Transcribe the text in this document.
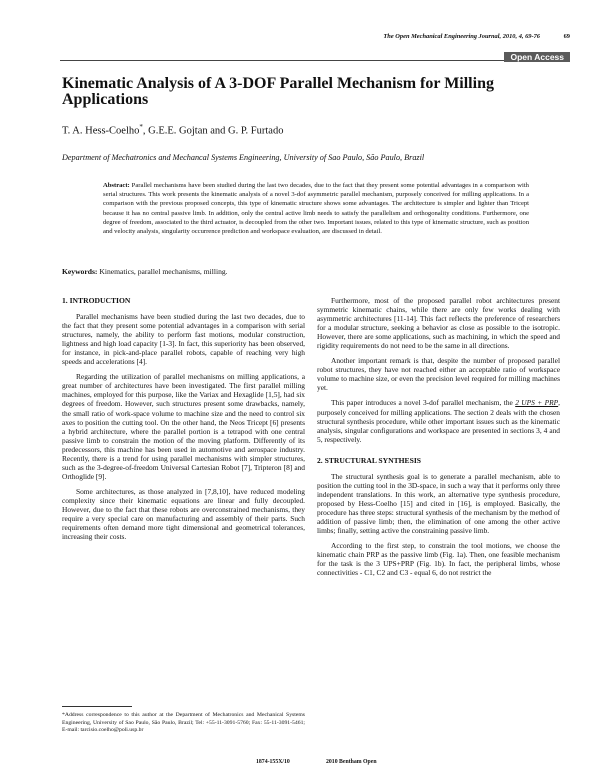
The Open Mechanical Engineering Journal, 2010, 4, 69-76	69
Open Access
Kinematic Analysis of A 3-DOF Parallel Mechanism for Milling Applications
T. A. Hess-Coelho*, G.E.E. Gojtan and G. P. Furtado
Department of Mechatronics and Mechancal Systems Engineering, University of Sao Paulo, São Paulo, Brazil
Abstract: Parallel mechanisms have been studied during the last two decades, due to the fact that they present some potential advantages in a comparison with serial structures. This work presents the kinematic analysis of a novel 3-dof asymmetric parallel mechanism, purposely conceived for milling applications. In a comparison with the previous proposed concepts, this type of kinematic structure shows some advantages. The architecture is simpler and lighter than Tricept because it has no central passive limb. In addition, only the central active limb needs to satisfy the parallelism and orthogonality conditions. Furthermore, one degree of freedom, associated to the third actuator, is decoupled from the other two. Important issues, related to this type of kinematic structure, such as position and velocity analysis, singularity occurrence prediction and workspace evaluation, are discussed in detail.
Keywords: Kinematics, parallel mechanisms, milling.
1. INTRODUCTION

Parallel mechanisms have been studied during the last two decades, due to the fact that they present some potential advantages in a comparison with serial structures, namely, the ability to perform fast motions, modular construction, lightness and high load capacity [1-3]. In fact, this superiority has been observed, for instance, in pick-and-place parallel robots, capable of reaching very high speeds and accelerations [4].

Regarding the utilization of parallel mechanisms on milling applications, a great number of architectures have been investigated. The first parallel milling machines, employed for this purpose, like the Variax and Hexaglide [1,5], had six degrees of freedom. However, such structures present some drawbacks, namely, the small ratio of work-space volume to machine size and the need to control six axes to position the cutting tool. On the other hand, the Neos Tricept [6] presents a hybrid architecture, where the parallel portion is a tetrapod with one central passive limb to constrain the motion of the moving platform. Differently of its predecessors, this machine has been used in automotive and aerospace industry. Recently, there is a trend for using parallel mechanisms with simpler structures, such as the 3-degree-of-freedom Universal Cartesian Robot [7], Tripteron [8] and Orthoglide [9].

Some architectures, as those analyzed in [7,8,10], have reduced modeling complexity since their kinematic equations are linear and fully decoupled. However, due to the fact that these robots are overconstrained mechanisms, they require a very special care on manufacturing and assembly of their parts. Such requirements often demand more tight dimensional and geometrical tolerances, increasing their costs.

Furthermore, most of the proposed parallel robot architectures present symmetric kinematic chains, while there are only few works dealing with asymmetric architectures [11-14]. This fact reflects the preference of researchers for a modular structure, seeking a behavior as close as possible to the isotropic. However, there are some applications, such as machining, in which the speed and rigidity requirements do not need to be the same in all directions.

Another important remark is that, despite the number of proposed parallel robot structures, they have not reached either an acceptable ratio of workspace volume to machine size, or even the precision level required for milling machines yet.

This paper introduces a novel 3-dof parallel mechanism, the 2 UPS + PRP, purposely conceived for milling applications. The section 2 deals with the chosen structural synthesis procedure, while other important issues such as the kinematic analysis, singular configurations and workspace are presented in sections 3, 4 and 5, respectively.

2. STRUCTURAL SYNTHESIS

The structural synthesis goal is to generate a parallel mechanism, able to position the cutting tool in the 3D-space, in such a way that it performs only three independent translations. In this work, an alternative type synthesis procedure, proposed by Hess-Coelho [15] and cited in [16], is employed. Basically, the procedure has three steps: structural synthesis of the mechanism by the method of addition of passive limb; then, the elimination of one among the other active limbs; finally, setting active the constraining passive limb.

According to the first step, to constrain the tool motions, we choose the kinematic chain PRP as the passive limb (Fig. 1a). Then, one feasible mechanism for the task is the 3 UPS+PRP (Fig. 1b). In fact, the peripheral limbs, whose connectivities - C1, C2 and C3 - equal 6, do not restrict the

*Address correspondence to this author at the Department of Mechatronics and Mechanical Systems Engineering, University of Sao Paulo, São Paulo, Brazil; Tel: +55-11-3091-5760; Fax: 55-11-3091-5461; E-mail: tarcisio.coelho@poli.usp.br
1874-155X/10	2010 Bentham Open
